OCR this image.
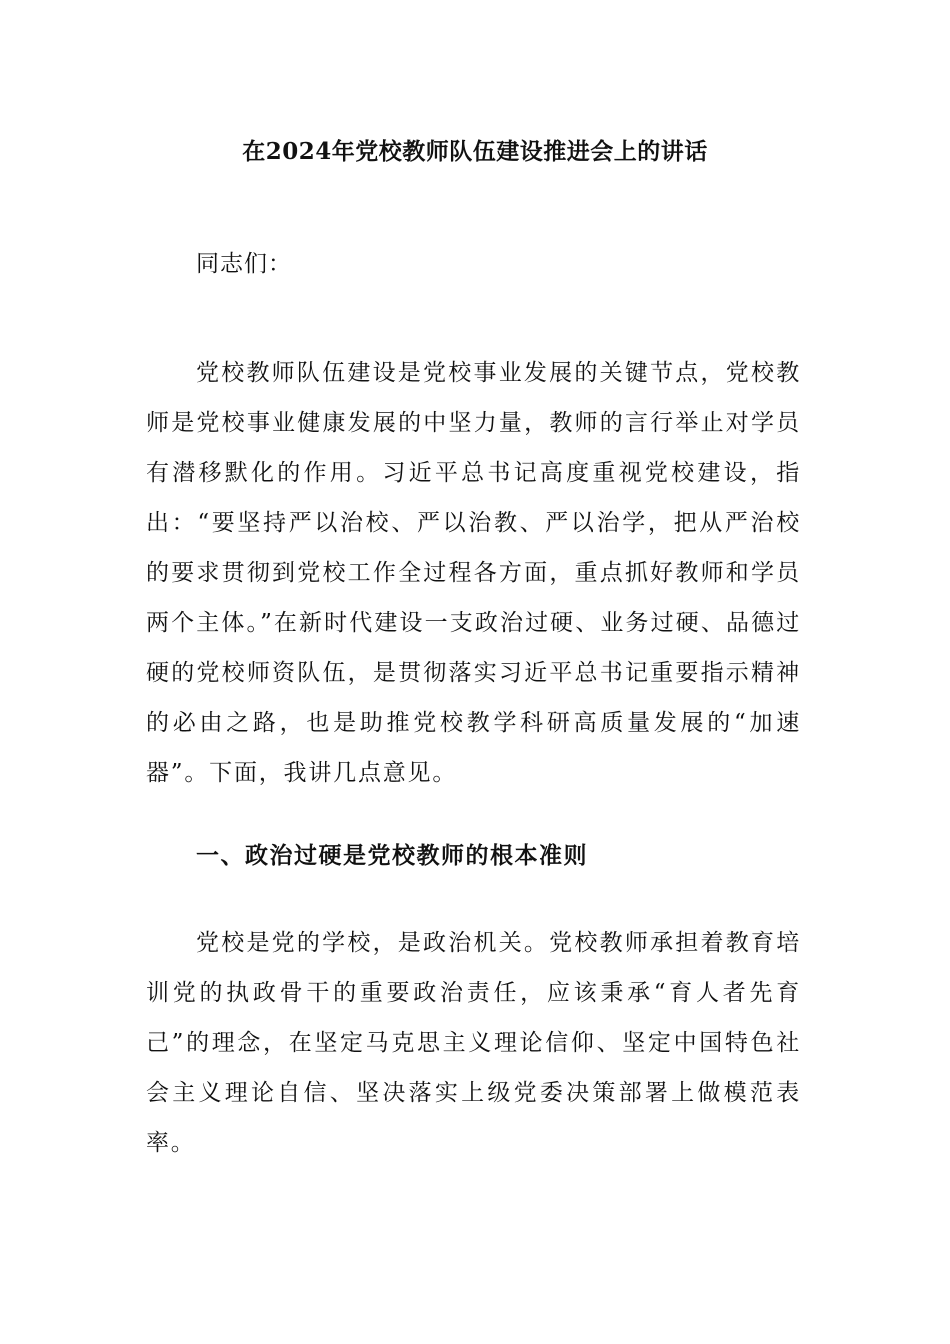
在2024年党校教师队伍建设推进会上的讲话
同志们：

党校教师队伍建设是党校事业发展的关键节点，党校教师是党校事业健康发展的中坚力量，教师的言行举止对学员有潜移默化的作用。习近平总书记高度重视党校建设，指出：“要坚持严以治校、严以治教、严以治学，把从严治校的要求贯彻到党校工作全过程各方面，重点抓好教师和学员两个主体。”在新时代建设一支政治过硬、业务过硬、品德过硬的党校师资队伍，是贯彻落实习近平总书记重要指示精神的必由之路，也是助推党校教学科研高质量发展的“加速器”。下面，我讲几点意见。

一、政治过硬是党校教师的根本准则

党校是党的学校，是政治机关。党校教师承担着教育培训党的执政骨干的重要政治责任，应该秉承“育人者先育己”的理念，在坚定马克思主义理论信仰、坚定中国特色社会主义理论自信、坚决落实上级党委决策部署上做模范表率。
